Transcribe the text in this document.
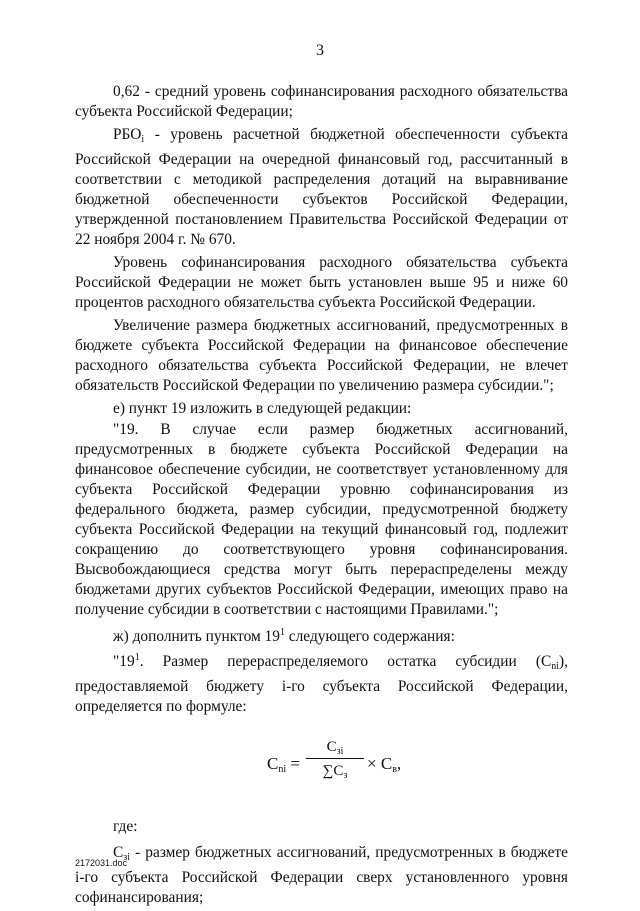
3

0,62 - средний уровень софинансирования расходного обязательства субъекта Российской Федерации;

$РБО_i$ - уровень расчетной бюджетной обеспеченности субъекта Российской Федерации на очередной финансовый год, рассчитанный в соответствии с методикой распределения дотаций на выравнивание бюджетной обеспеченности субъектов Российской Федерации, утвержденной постановлением Правительства Российской Федерации от 22 ноября 2004 г. № 670.

Уровень софинансирования расходного обязательства субъекта Российской Федерации не может быть установлен выше 95 и ниже 60 процентов расходного обязательства субъекта Российской Федерации.

Увеличение размера бюджетных ассигнований, предусмотренных в бюджете субъекта Российской Федерации на финансовое обеспечение расходного обязательства субъекта Российской Федерации, не влечет обязательств Российской Федерации по увеличению размера субсидии.";

е) пункт 19 изложить в следующей редакции:

"19. В случае если размер бюджетных ассигнований, предусмотренных в бюджете субъекта Российской Федерации на финансовое обеспечение субсидии, не соответствует установленному для субъекта Российской Федерации уровню софинансирования из федерального бюджета, размер субсидии, предусмотренной бюджету субъекта Российской Федерации на текущий финансовый год, подлежит сокращению до соответствующего уровня софинансирования. Высвобождающиеся средства могут быть перераспределены между бюджетами других субъектов Российской Федерации, имеющих право на получение субсидии в соответствии с настоящими Правилами.";

ж) дополнить пунктом $19^1$ следующего содержания:

"$19^1$. Размер перераспределяемого остатка субсидии $(С_{ni})$, предоставляемой бюджету i-го субъекта Российской Федерации, определяется по формуле:

$С_{ni}$ =
$С_{зi}$
$\sum С_з$
× $С_в$,

где:

$С_{зi}$ - размер бюджетных ассигнований, предусмотренных в бюджете i-го субъекта Российской Федерации сверх установленного уровня софинансирования;

2172031.doc
